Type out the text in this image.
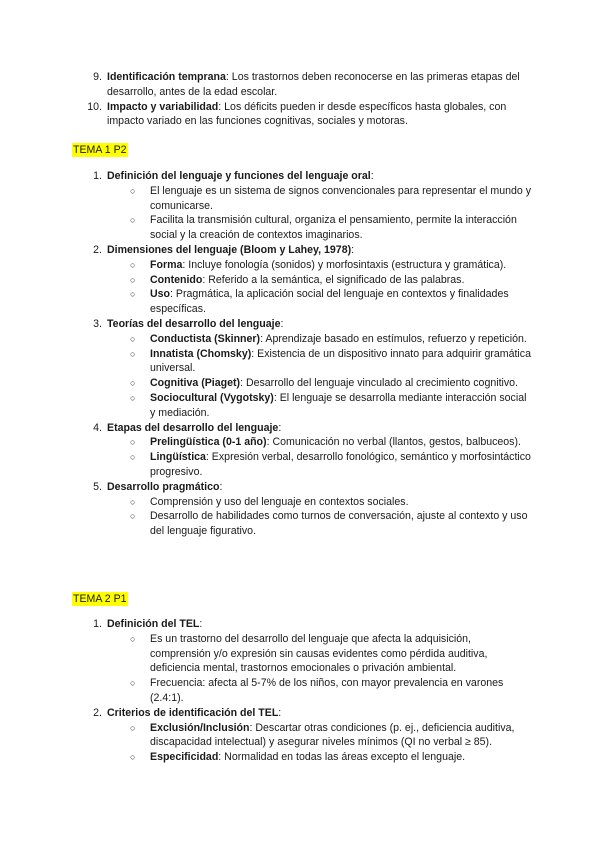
9. Identificación temprana: Los trastornos deben reconocerse en las primeras etapas del desarrollo, antes de la edad escolar.
10. Impacto y variabilidad: Los déficits pueden ir desde específicos hasta globales, con impacto variado en las funciones cognitivas, sociales y motoras.
TEMA 1 P2
1. Definición del lenguaje y funciones del lenguaje oral:
○ El lenguaje es un sistema de signos convencionales para representar el mundo y comunicarse.
○ Facilita la transmisión cultural, organiza el pensamiento, permite la interacción social y la creación de contextos imaginarios.
2. Dimensiones del lenguaje (Bloom y Lahey, 1978):
○ Forma: Incluye fonología (sonidos) y morfosintaxis (estructura y gramática).
○ Contenido: Referido a la semántica, el significado de las palabras.
○ Uso: Pragmática, la aplicación social del lenguaje en contextos y finalidades específicas.
3. Teorías del desarrollo del lenguaje:
○ Conductista (Skinner): Aprendizaje basado en estímulos, refuerzo y repetición.
○ Innatista (Chomsky): Existencia de un dispositivo innato para adquirir gramática universal.
○ Cognitiva (Piaget): Desarrollo del lenguaje vinculado al crecimiento cognitivo.
○ Sociocultural (Vygotsky): El lenguaje se desarrolla mediante interacción social y mediación.
4. Etapas del desarrollo del lenguaje:
○ Prelingüística (0-1 año): Comunicación no verbal (llantos, gestos, balbuceos).
○ Lingüística: Expresión verbal, desarrollo fonológico, semántico y morfosintáctico progresivo.
5. Desarrollo pragmático:
○ Comprensión y uso del lenguaje en contextos sociales.
○ Desarrollo de habilidades como turnos de conversación, ajuste al contexto y uso del lenguaje figurativo.
TEMA 2 P1
1. Definición del TEL:
○ Es un trastorno del desarrollo del lenguaje que afecta la adquisición, comprensión y/o expresión sin causas evidentes como pérdida auditiva, deficiencia mental, trastornos emocionales o privación ambiental.
○ Frecuencia: afecta al 5-7% de los niños, con mayor prevalencia en varones (2.4:1).
2. Criterios de identificación del TEL:
○ Exclusión/Inclusión: Descartar otras condiciones (p. ej., deficiencia auditiva, discapacidad intelectual) y asegurar niveles mínimos (QI no verbal ≥ 85).
○ Especificidad: Normalidad en todas las áreas excepto el lenguaje.
